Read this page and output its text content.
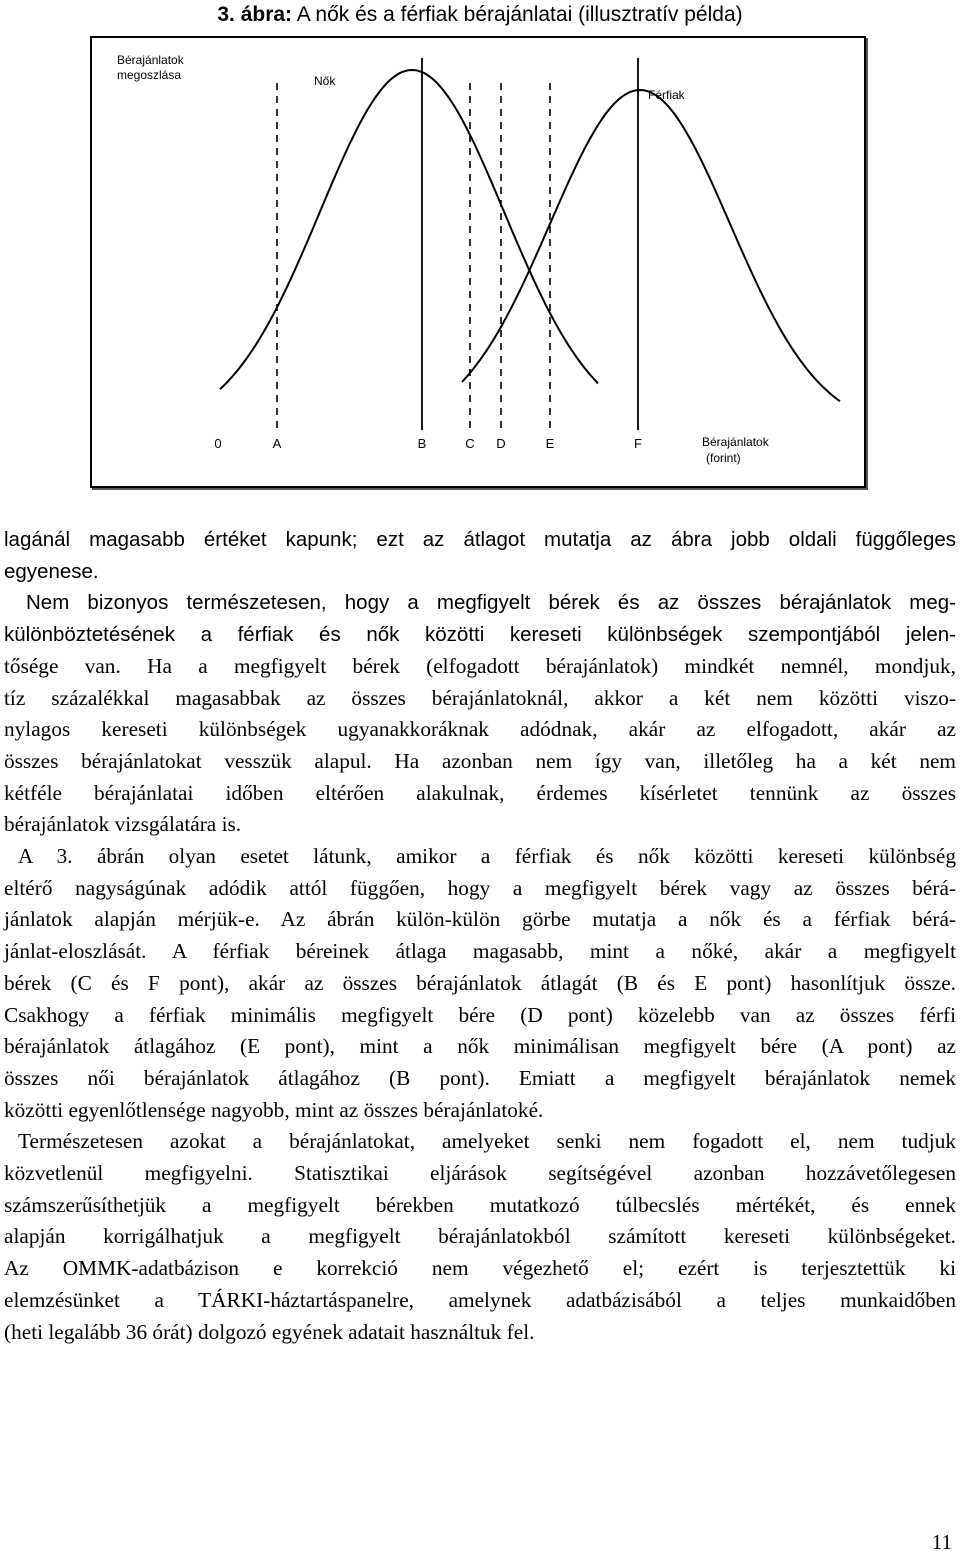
3. ábra: A nők és a férfiak bérajánlatai (illusztratív példa)
Bérajánlatok
megoszlása	Nők
Férfiak
0	A	B	C D	E	F	Bérajánlatok
(forint)
lagánál magasabb értéket kapunk; ezt az átlagot mutatja az ábra jobb oldali függőleges
egyenese.
Nem bizonyos természetesen, hogy a megfigyelt bérek és az összes bérajánlatok meg-
különböztetésének a férfiak és nők közötti kereseti különbségek szempontjából jelen-
tősége van. Ha a megfigyelt bérek (elfogadott bérajánlatok) mindkét nemnél, mondjuk,
tíz százalékkal magasabbak az összes bérajánlatoknál, akkor a két nem közötti viszo-
nylagos kereseti különbségek ugyanakkoráknak adódnak, akár az elfogadott, akár az
összes bérajánlatokat vesszük alapul. Ha azonban nem így van, illetőleg ha a két nem
kétféle bérajánlatai időben eltérően alakulnak, érdemes kísérletet tennünk az összes
bérajánlatok vizsgálatára is.
A 3. ábrán olyan esetet látunk, amikor a férfiak és nők közötti kereseti különbség
eltérő nagyságúnak adódik attól függően, hogy a megfigyelt bérek vagy az összes bérá-
jánlatok alapján mérjük-e. Az ábrán külön-külön görbe mutatja a nők és a férfiak bérá-
jánlat-eloszlását. A férfiak béreinek átlaga magasabb, mint a nőké, akár a megfigyelt
bérek (C és F pont), akár az összes bérajánlatok átlagát (B és E pont) hasonlítjuk össze.
Csakhogy a férfiak minimális megfigyelt bére (D pont) közelebb van az összes férfi
bérajánlatok átlagához (E pont), mint a nők minimálisan megfigyelt bére (A pont) az
összes női bérajánlatok átlagához (B pont). Emiatt a megfigyelt bérajánlatok nemek
közötti egyenlőtlensége nagyobb, mint az összes bérajánlatoké.
Természetesen azokat a bérajánlatokat, amelyeket senki nem fogadott el, nem tudjuk
közvetlenül megfigyelni. Statisztikai eljárások segítségével azonban hozzávetőlegesen
számszerűsíthetjük a megfigyelt bérekben mutatkozó túlbecslés mértékét, és ennek
alapján korrigálhatjuk a megfigyelt bérajánlatokból számított kereseti különbségeket.
Az OMMK-adatbázison e korrekció nem végezhető el; ezért is terjesztettük ki
elemzésünket a TÁRKI-háztartáspanelre, amelynek adatbázisából a teljes munkaidőben
(heti legalább 36 órát) dolgozó egyének adatait használtuk fel.
11
